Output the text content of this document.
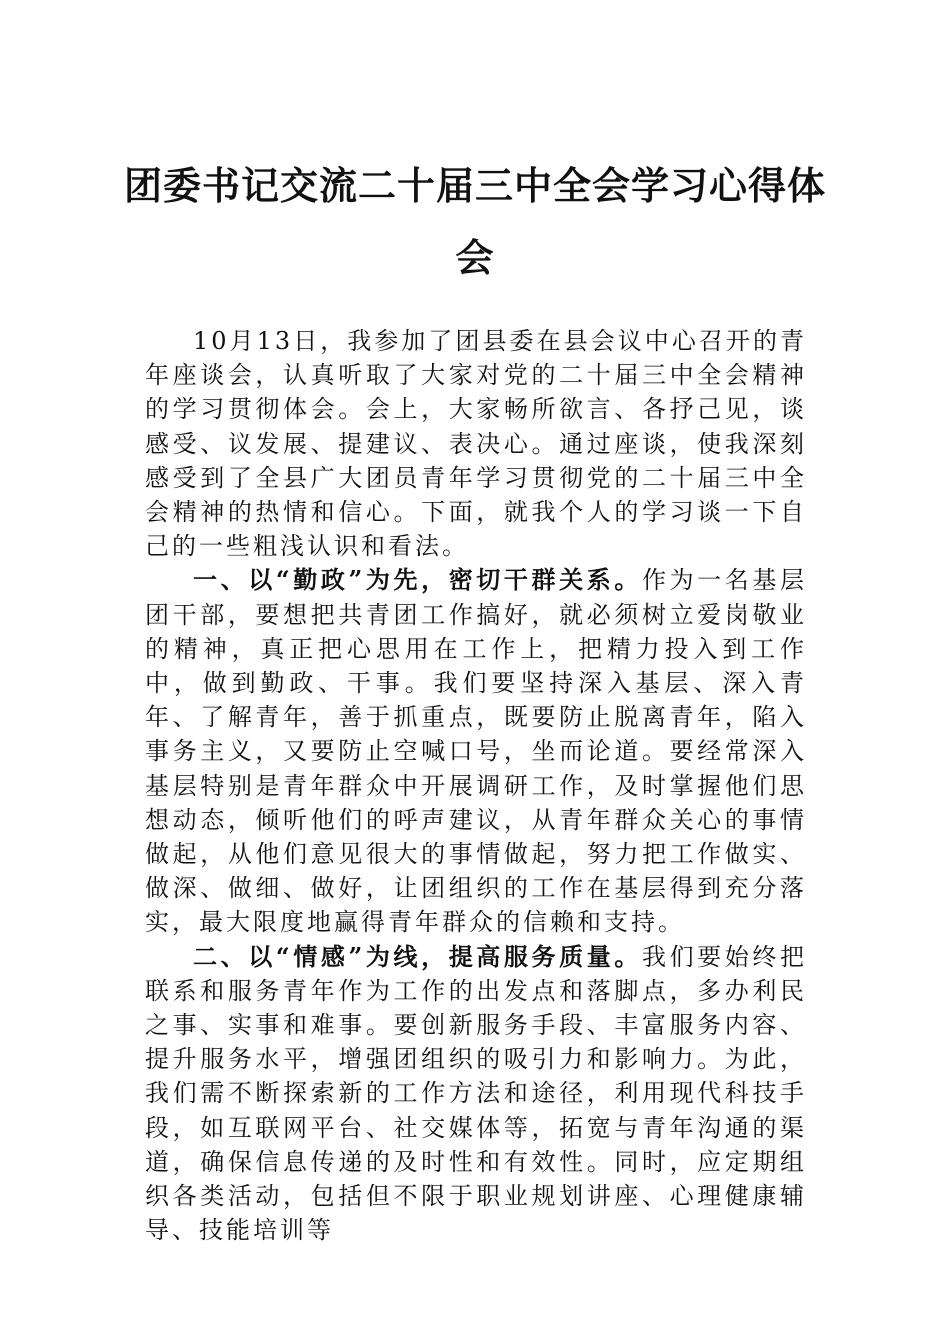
团委书记交流二十届三中全会学习心得体会

10月13日，我参加了团县委在县会议中心召开的青年座谈会，认真听取了大家对党的二十届三中全会精神的学习贯彻体会。会上，大家畅所欲言、各抒己见，谈感受、议发展、提建议、表决心。通过座谈，使我深刻感受到了全县广大团员青年学习贯彻党的二十届三中全会精神的热情和信心。下面，就我个人的学习谈一下自己的一些粗浅认识和看法。

一、以“勤政”为先，密切干群关系。作为一名基层团干部，要想把共青团工作搞好，就必须树立爱岗敬业的精神，真正把心思用在工作上，把精力投入到工作中，做到勤政、干事。我们要坚持深入基层、深入青年、了解青年，善于抓重点，既要防止脱离青年，陷入事务主义，又要防止空喊口号，坐而论道。要经常深入基层特别是青年群众中开展调研工作，及时掌握他们思想动态，倾听他们的呼声建议，从青年群众关心的事情做起，从他们意见很大的事情做起，努力把工作做实、做深、做细、做好，让团组织的工作在基层得到充分落实，最大限度地赢得青年群众的信赖和支持。

二、以“情感”为线，提高服务质量。我们要始终把联系和服务青年作为工作的出发点和落脚点，多办利民之事、实事和难事。要创新服务手段、丰富服务内容、提升服务水平，增强团组织的吸引力和影响力。为此，我们需不断探索新的工作方法和途径，利用现代科技手段，如互联网平台、社交媒体等，拓宽与青年沟通的渠道，确保信息传递的及时性和有效性。同时，应定期组织各类活动，包括但不限于职业规划讲座、心理健康辅导、技能培训等
